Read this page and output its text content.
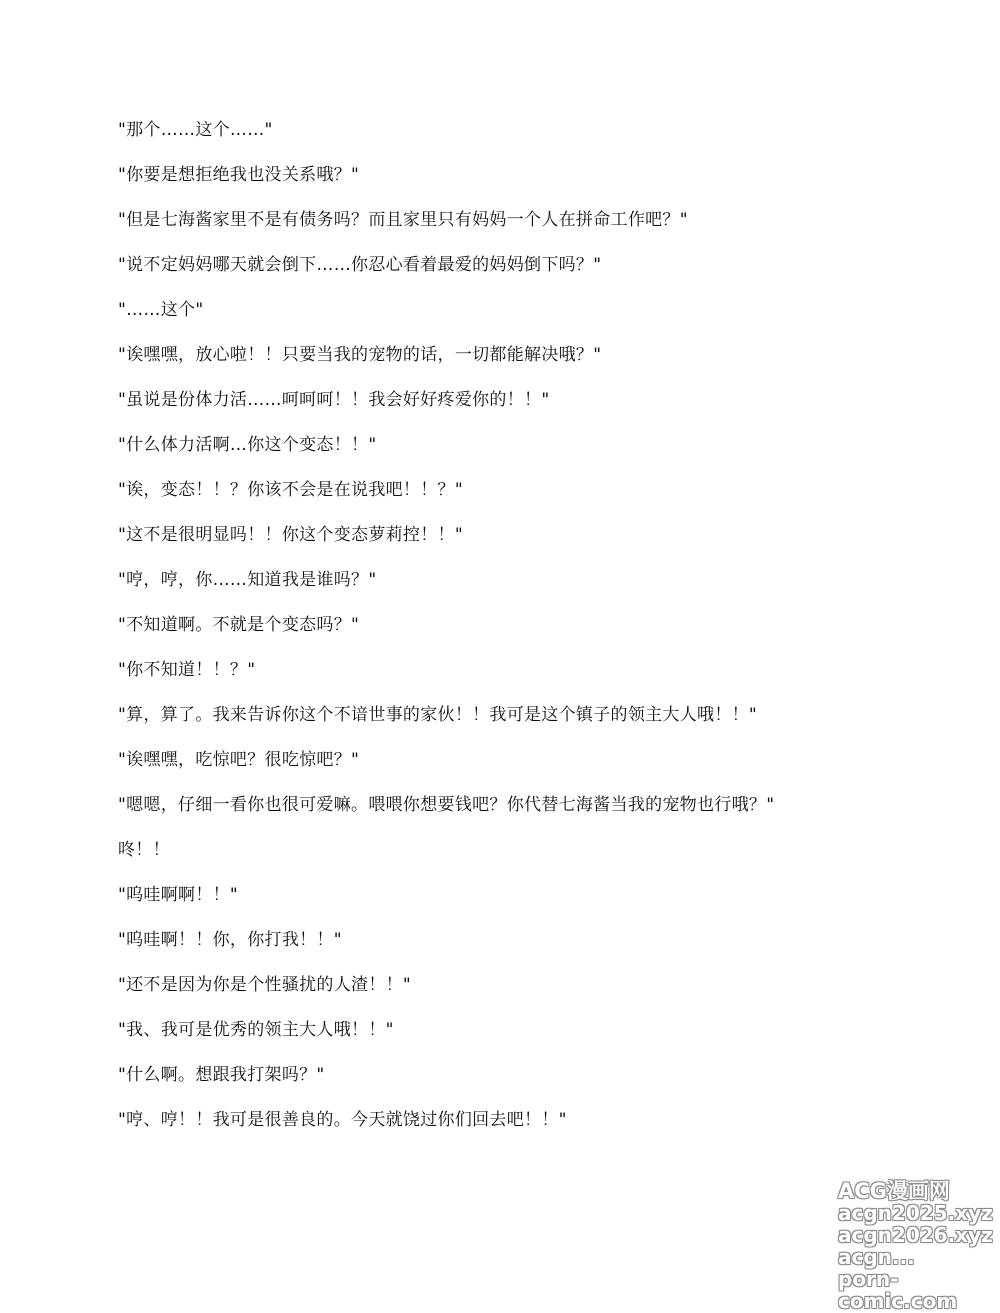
"那个……这个……"
"你要是想拒绝我也没关系哦？"
"但是七海酱家里不是有债务吗？而且家里只有妈妈一个人在拼命工作吧？"
"说不定妈妈哪天就会倒下……你忍心看着最爱的妈妈倒下吗？"
"……这个"
"诶嘿嘿，放心啦！！只要当我的宠物的话，一切都能解决哦？"
"虽说是份体力活……呵呵呵！！我会好好疼爱你的！！"
"什么体力活啊…你这个变态！！"
"诶，变态！！？你该不会是在说我吧！！？"
"这不是很明显吗！！你这个变态萝莉控！！"
"哼，哼，你……知道我是谁吗？"
"不知道啊。不就是个变态吗？"
"你不知道！！？"
"算，算了。我来告诉你这个不谙世事的家伙！！我可是这个镇子的领主大人哦！！"
"诶嘿嘿，吃惊吧？很吃惊吧？"
"嗯嗯，仔细一看你也很可爱嘛。喂喂你想要钱吧？你代替七海酱当我的宠物也行哦？"
咚！！
"呜哇啊啊！！"
"呜哇啊！！你，你打我！！"
"还不是因为你是个性骚扰的人渣！！"
"我、我可是优秀的领主大人哦！！"
"什么啊。想跟我打架吗？"
"哼、哼！！我可是很善良的。今天就饶过你们回去吧！！"
ACG漫画网
acgn2025.xyz
acgn2026.xyz
acgn...
porn-comic.com
